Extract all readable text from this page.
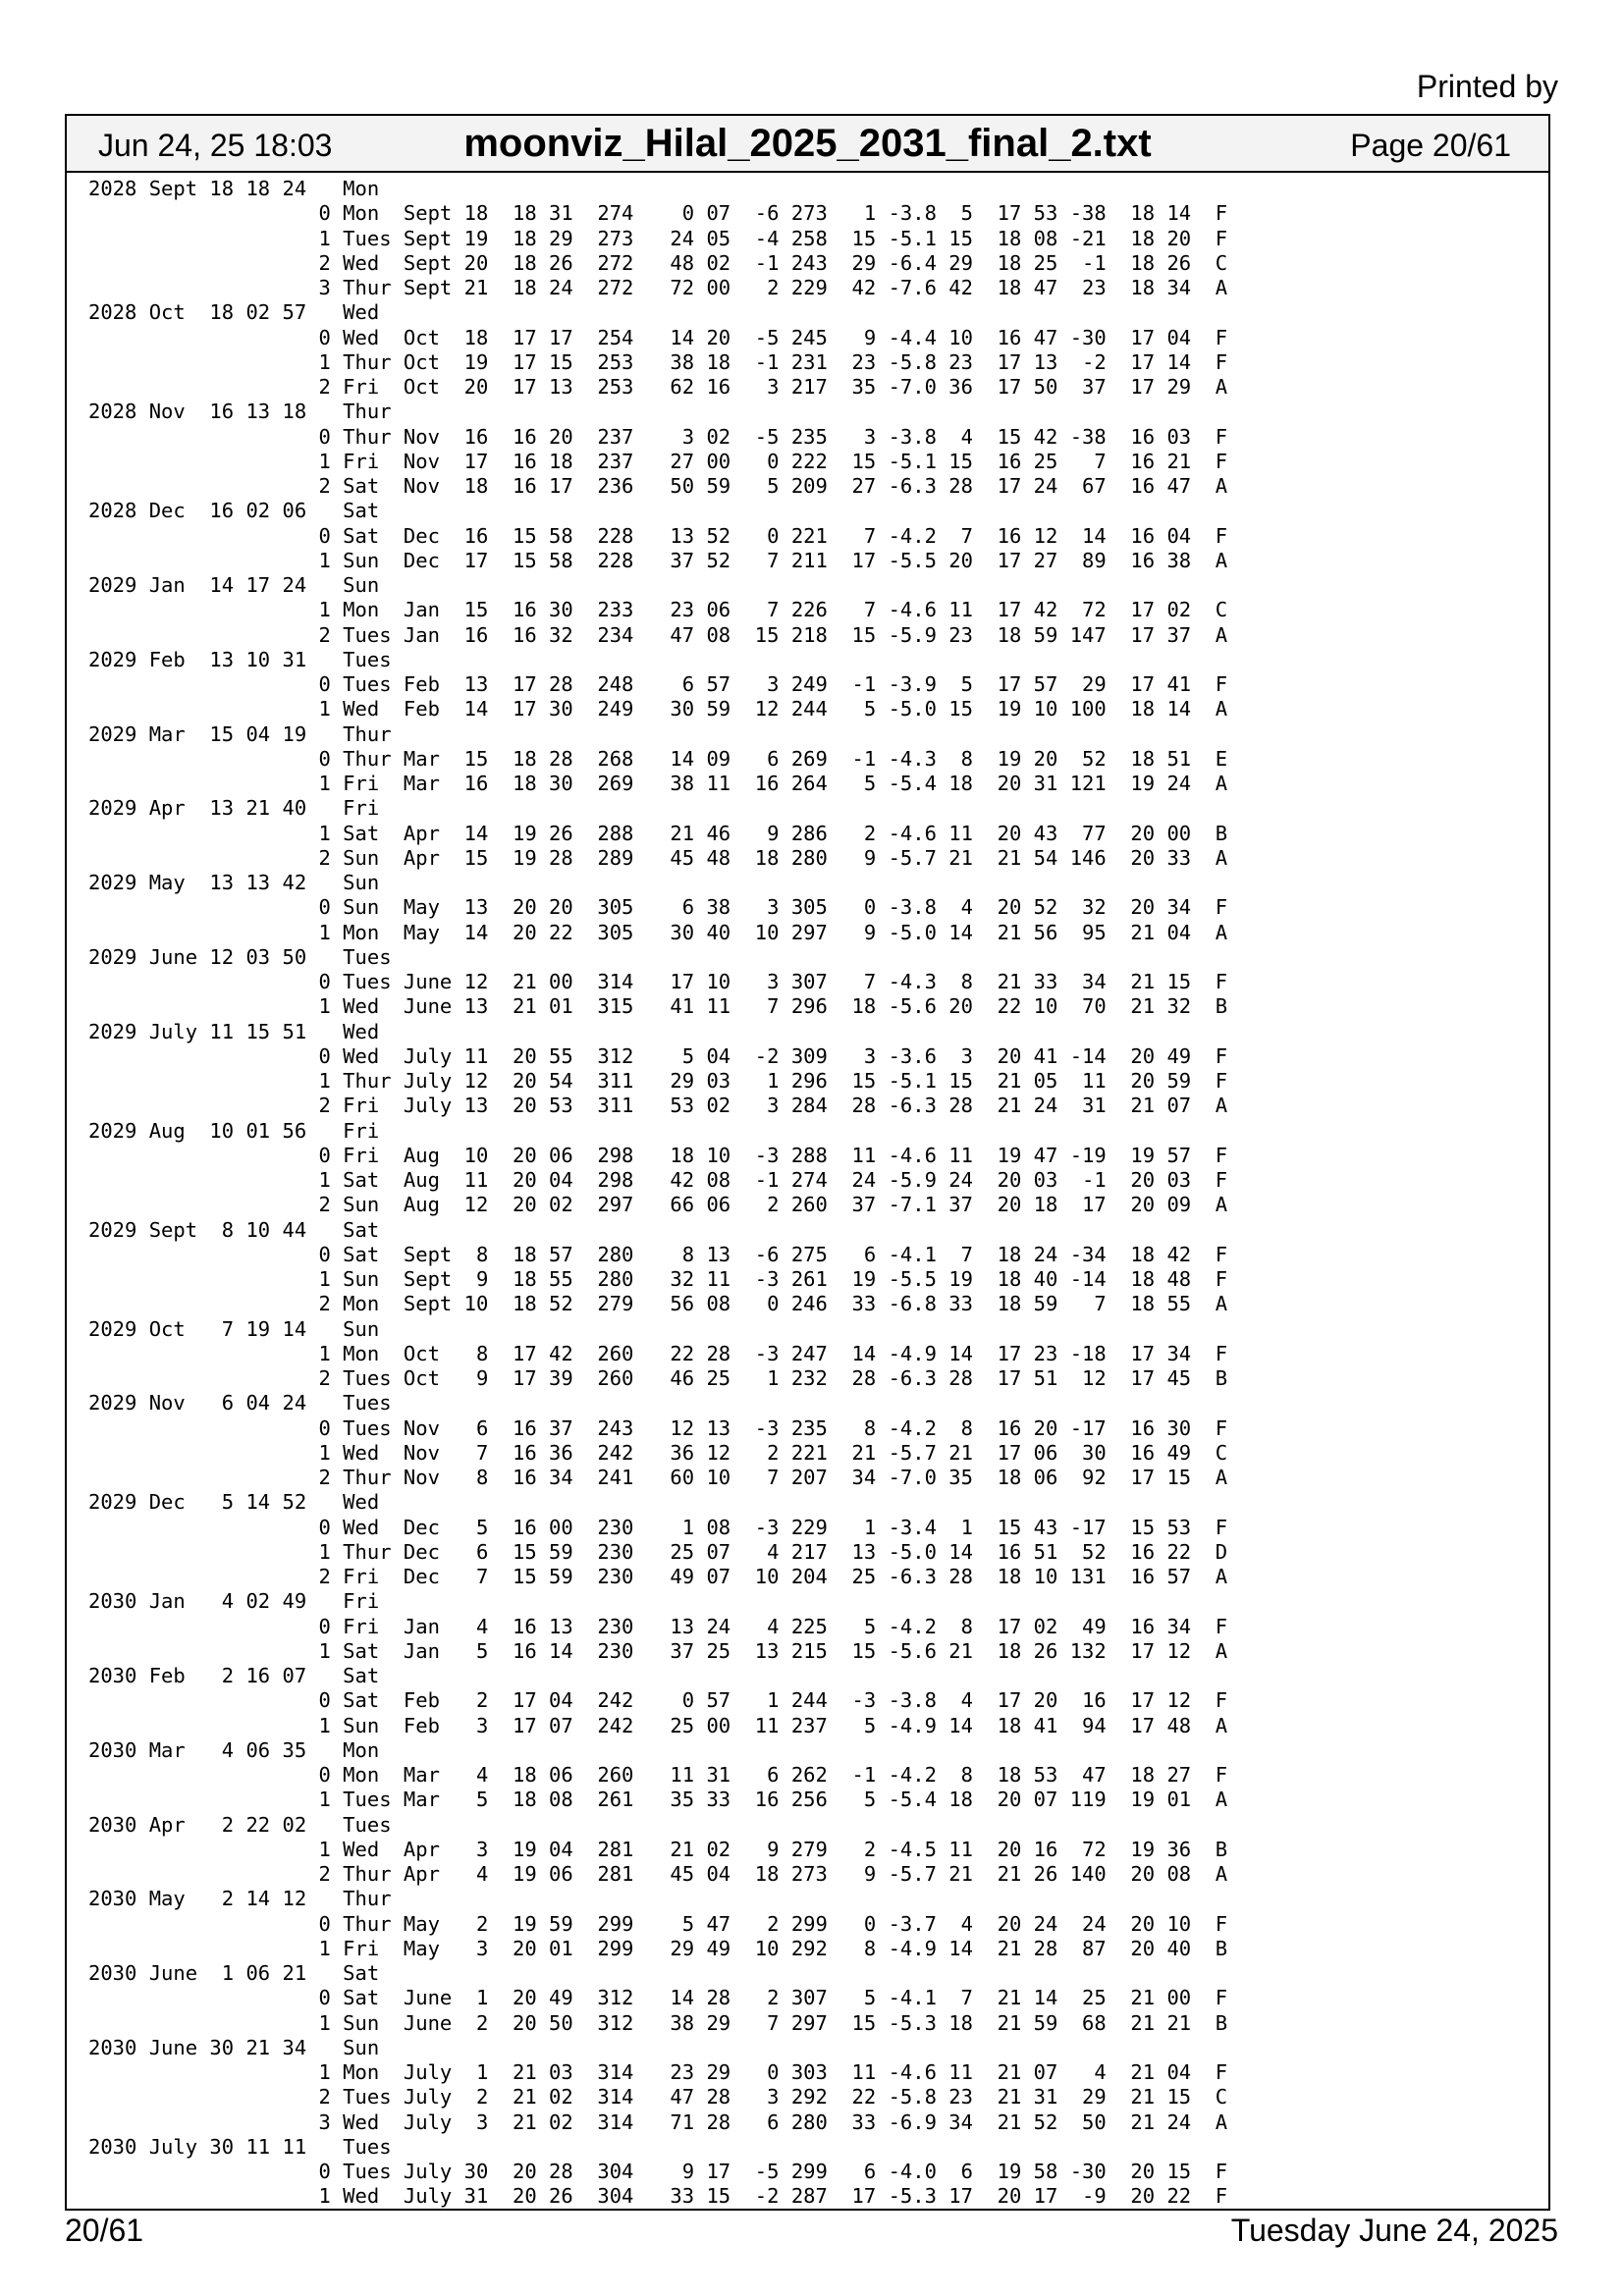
Printed by
Jun 24, 25 18:03	moonviz_Hilal_2025_2031_final_2.txt	Page 20/61
2028 Sept 18 18 24   Mon
0 Mon  Sept 18  18 31  274    0 07  -6 273   1 -3.8  5  17 53 -38  18 14  F
1 Tues Sept 19  18 29  273   24 05  -4 258  15 -5.1 15  18 08 -21  18 20  F
2 Wed  Sept 20  18 26  272   48 02  -1 243  29 -6.4 29  18 25  -1  18 26  C
3 Thur Sept 21  18 24  272   72 00   2 229  42 -7.6 42  18 47  23  18 34  A
2028 Oct  18 02 57   Wed
0 Wed  Oct  18  17 17  254   14 20  -5 245   9 -4.4 10  16 47 -30  17 04  F
1 Thur Oct  19  17 15  253   38 18  -1 231  23 -5.8 23  17 13  -2  17 14  F
2 Fri  Oct  20  17 13  253   62 16   3 217  35 -7.0 36  17 50  37  17 29  A
2028 Nov  16 13 18   Thur
0 Thur Nov  16  16 20  237    3 02  -5 235   3 -3.8  4  15 42 -38  16 03  F
1 Fri  Nov  17  16 18  237   27 00   0 222  15 -5.1 15  16 25   7  16 21  F
2 Sat  Nov  18  16 17  236   50 59   5 209  27 -6.3 28  17 24  67  16 47  A
2028 Dec  16 02 06   Sat
0 Sat  Dec  16  15 58  228   13 52   0 221   7 -4.2  7  16 12  14  16 04  F
1 Sun  Dec  17  15 58  228   37 52   7 211  17 -5.5 20  17 27  89  16 38  A
2029 Jan  14 17 24   Sun
1 Mon  Jan  15  16 30  233   23 06   7 226   7 -4.6 11  17 42  72  17 02  C
2 Tues Jan  16  16 32  234   47 08  15 218  15 -5.9 23  18 59 147  17 37  A
2029 Feb  13 10 31   Tues
0 Tues Feb  13  17 28  248    6 57   3 249  -1 -3.9  5  17 57  29  17 41  F
1 Wed  Feb  14  17 30  249   30 59  12 244   5 -5.0 15  19 10 100  18 14  A
2029 Mar  15 04 19   Thur
0 Thur Mar  15  18 28  268   14 09   6 269  -1 -4.3  8  19 20  52  18 51  E
1 Fri  Mar  16  18 30  269   38 11  16 264   5 -5.4 18  20 31 121  19 24  A
2029 Apr  13 21 40   Fri
1 Sat  Apr  14  19 26  288   21 46   9 286   2 -4.6 11  20 43  77  20 00  B
2 Sun  Apr  15  19 28  289   45 48  18 280   9 -5.7 21  21 54 146  20 33  A
2029 May  13 13 42   Sun
0 Sun  May  13  20 20  305    6 38   3 305   0 -3.8  4  20 52  32  20 34  F
1 Mon  May  14  20 22  305   30 40  10 297   9 -5.0 14  21 56  95  21 04  A
2029 June 12 03 50   Tues
0 Tues June 12  21 00  314   17 10   3 307   7 -4.3  8  21 33  34  21 15  F
1 Wed  June 13  21 01  315   41 11   7 296  18 -5.6 20  22 10  70  21 32  B
2029 July 11 15 51   Wed
0 Wed  July 11  20 55  312    5 04  -2 309   3 -3.6  3  20 41 -14  20 49  F
1 Thur July 12  20 54  311   29 03   1 296  15 -5.1 15  21 05  11  20 59  F
2 Fri  July 13  20 53  311   53 02   3 284  28 -6.3 28  21 24  31  21 07  A
2029 Aug  10 01 56   Fri
0 Fri  Aug  10  20 06  298   18 10  -3 288  11 -4.6 11  19 47 -19  19 57  F
1 Sat  Aug  11  20 04  298   42 08  -1 274  24 -5.9 24  20 03  -1  20 03  F
2 Sun  Aug  12  20 02  297   66 06   2 260  37 -7.1 37  20 18  17  20 09  A
2029 Sept  8 10 44   Sat
0 Sat  Sept  8  18 57  280    8 13  -6 275   6 -4.1  7  18 24 -34  18 42  F
1 Sun  Sept  9  18 55  280   32 11  -3 261  19 -5.5 19  18 40 -14  18 48  F
2 Mon  Sept 10  18 52  279   56 08   0 246  33 -6.8 33  18 59   7  18 55  A
2029 Oct   7 19 14   Sun
1 Mon  Oct   8  17 42  260   22 28  -3 247  14 -4.9 14  17 23 -18  17 34  F
2 Tues Oct   9  17 39  260   46 25   1 232  28 -6.3 28  17 51  12  17 45  B
2029 Nov   6 04 24   Tues
0 Tues Nov   6  16 37  243   12 13  -3 235   8 -4.2  8  16 20 -17  16 30  F
1 Wed  Nov   7  16 36  242   36 12   2 221  21 -5.7 21  17 06  30  16 49  C
2 Thur Nov   8  16 34  241   60 10   7 207  34 -7.0 35  18 06  92  17 15  A
2029 Dec   5 14 52   Wed
0 Wed  Dec   5  16 00  230    1 08  -3 229   1 -3.4  1  15 43 -17  15 53  F
1 Thur Dec   6  15 59  230   25 07   4 217  13 -5.0 14  16 51  52  16 22  D
2 Fri  Dec   7  15 59  230   49 07  10 204  25 -6.3 28  18 10 131  16 57  A
2030 Jan   4 02 49   Fri
0 Fri  Jan   4  16 13  230   13 24   4 225   5 -4.2  8  17 02  49  16 34  F
1 Sat  Jan   5  16 14  230   37 25  13 215  15 -5.6 21  18 26 132  17 12  A
2030 Feb   2 16 07   Sat
0 Sat  Feb   2  17 04  242    0 57   1 244  -3 -3.8  4  17 20  16  17 12  F
1 Sun  Feb   3  17 07  242   25 00  11 237   5 -4.9 14  18 41  94  17 48  A
2030 Mar   4 06 35   Mon
0 Mon  Mar   4  18 06  260   11 31   6 262  -1 -4.2  8  18 53  47  18 27  F
1 Tues Mar   5  18 08  261   35 33  16 256   5 -5.4 18  20 07 119  19 01  A
2030 Apr   2 22 02   Tues
1 Wed  Apr   3  19 04  281   21 02   9 279   2 -4.5 11  20 16  72  19 36  B
2 Thur Apr   4  19 06  281   45 04  18 273   9 -5.7 21  21 26 140  20 08  A
2030 May   2 14 12   Thur
0 Thur May   2  19 59  299    5 47   2 299   0 -3.7  4  20 24  24  20 10  F
1 Fri  May   3  20 01  299   29 49  10 292   8 -4.9 14  21 28  87  20 40  B
2030 June  1 06 21   Sat
0 Sat  June  1  20 49  312   14 28   2 307   5 -4.1  7  21 14  25  21 00  F
1 Sun  June  2  20 50  312   38 29   7 297  15 -5.3 18  21 59  68  21 21  B
2030 June 30 21 34   Sun
1 Mon  July  1  21 03  314   23 29   0 303  11 -4.6 11  21 07   4  21 04  F
2 Tues July  2  21 02  314   47 28   3 292  22 -5.8 23  21 31  29  21 15  C
3 Wed  July  3  21 02  314   71 28   6 280  33 -6.9 34  21 52  50  21 24  A
2030 July 30 11 11   Tues
0 Tues July 30  20 28  304    9 17  -5 299   6 -4.0  6  19 58 -30  20 15  F
1 Wed  July 31  20 26  304   33 15  -2 287  17 -5.3 17  20 17  -9  20 22  F
20/61	Tuesday June 24, 2025
